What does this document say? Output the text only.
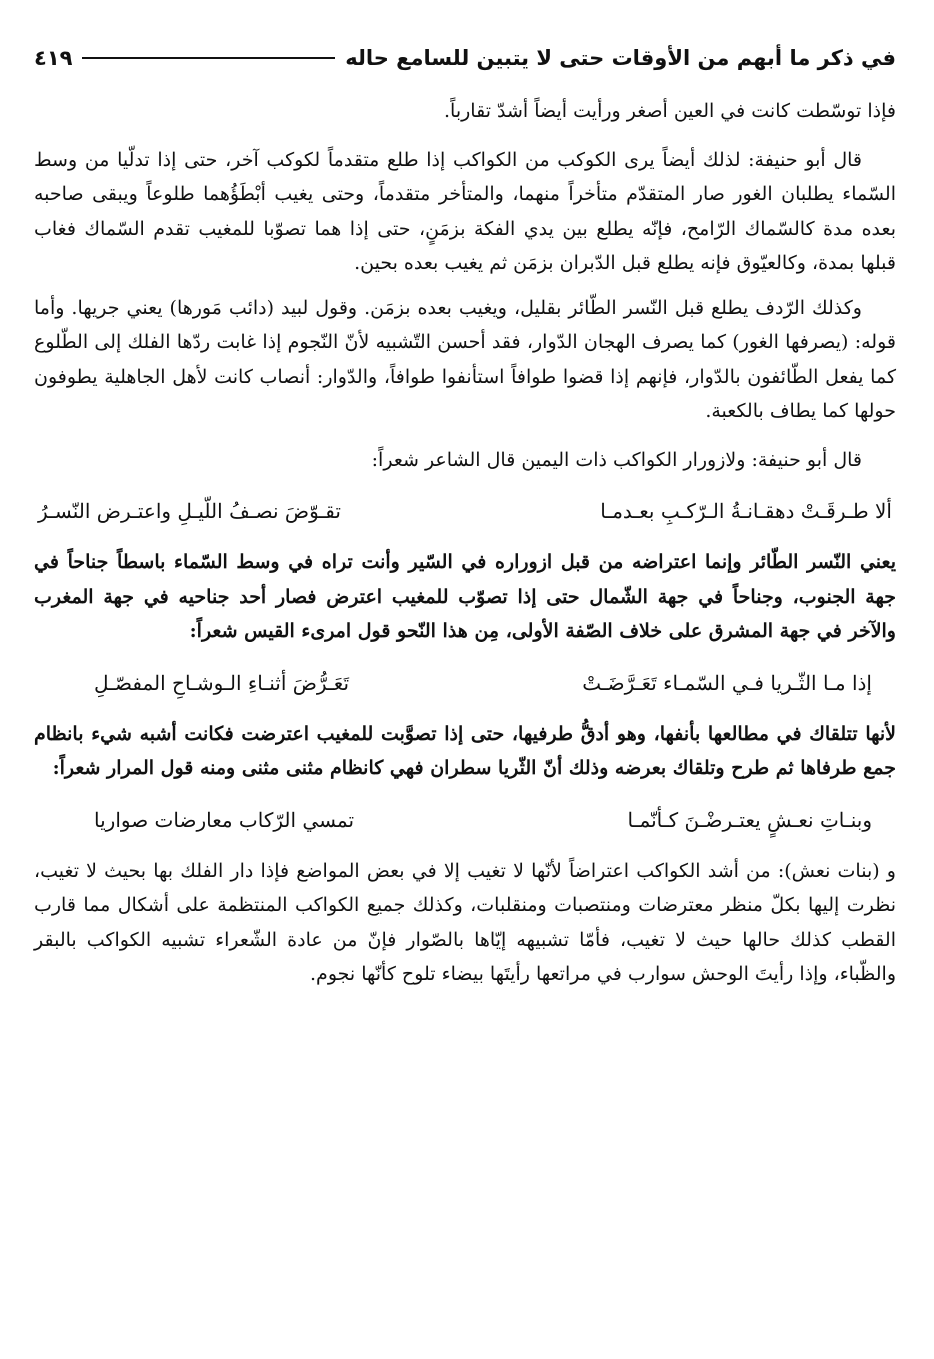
في ذكر ما أبهم من الأوقات حتى لا يتبين للسامع حاله
٤١٩

فإذا توسّطت كانت في العين أصغر ورأيت أيضاً أشدّ تقارباً.

قال أبو حنيفة: لذلك أيضاً يرى الكوكب من الكواكب إذا طلع متقدماً لكوكب آخر، حتى إذا تدلّيا من وسط السّماء يطلبان الغور صار المتقدّم متأخراً منهما، والمتأخر متقدماً، وحتى يغيب أبْطَؤُهما طلوعاً ويبقى صاحبه بعده مدة كالسّماك الرّامح، فإنّه يطلع بين يدي الفكة بزمَنٍ، حتى إذا هما تصوّبا للمغيب تقدم السّماك فغاب قبلها بمدة، وكالعيّوق فإنه يطلع قبل الدّبران بزمَن ثم يغيب بعده بحين.

وكذلك الرّدف يطلع قبل النّسر الطّائر بقليل، ويغيب بعده بزمَن. وقول لبيد (دائب مَورها) يعني جريها. وأما قوله: (يصرفها الغور) كما يصرف الهجان الدّوار، فقد أحسن التّشبيه لأنّ النّجوم إذا غابت ردّها الفلك إلى الطّلوع كما يفعل الطّائفون بالدّوار، فإنهم إذا قضوا طوافاً استأنفوا طوافاً، والدّوار: أنصاب كانت لأهل الجاهلية يطوفون حولها كما يطاف بالكعبة.

قال أبو حنيفة: ولازورار الكواكب ذات اليمين قال الشاعر شعراً:

ألا طـرقَـتْ دهقـانـةُ الـرّكـبِ بعـدمـا
تقـوّضَ نصـفُ اللّيـلِ واعتـرض النّسـرُ

يعني النّسر الطّائر وإنما اعتراضه من قبل ازوراره في السّير وأنت تراه في وسط السّماء باسطاً جناحاً في جهة الجنوب، وجناحاً في جهة الشّمال حتى إذا تصوّب للمغيب اعترض فصار أحد جناحيه في جهة المغرب والآخر في جهة المشرق على خلاف الصّفة الأولى، مِن هذا النّحو قول امرىء القيس شعراً:

إذا مـا الثّـريا فـي السّمـاء تَعَـرَّضَـتْ
تَعَـرُّضَ أثنـاءِ الـوشـاحِ المفصّـلِ

لأنها تتلقاك في مطالعها بأنفها، وهو أدقُّ طرفيها، حتى إذا تصوَّبت للمغيب اعترضت فكانت أشبه شيء بانظام جمع طرفاها ثم طرح وتلقاك بعرضه وذلك أنّ الثّريا سطران فهي كانظام مثنى مثنى ومنه قول المرار شعراً:

وبنـاتِ نعـشٍ يعتـرضْـنَ كـأنّمـا
تمسي الرّكاب معارضات صواريا

و (بنات نعش): من أشد الكواكب اعتراضاً لأنّها لا تغيب إلا في بعض المواضع فإذا دار الفلك بها بحيث لا تغيب، نظرت إليها بكلّ منظر معترضات ومنتصبات ومنقلبات، وكذلك جميع الكواكب المنتظمة على أشكال مما قارب القطب كذلك حالها حيث لا تغيب، فأمّا تشبيهه إيّاها بالصّوار فإنّ من عادة الشّعراء تشبيه الكواكب بالبقر والظّباء، وإذا رأيتَ الوحش سوارب في مراتعها رأيتَها بيضاء تلوح كأنّها نجوم.
